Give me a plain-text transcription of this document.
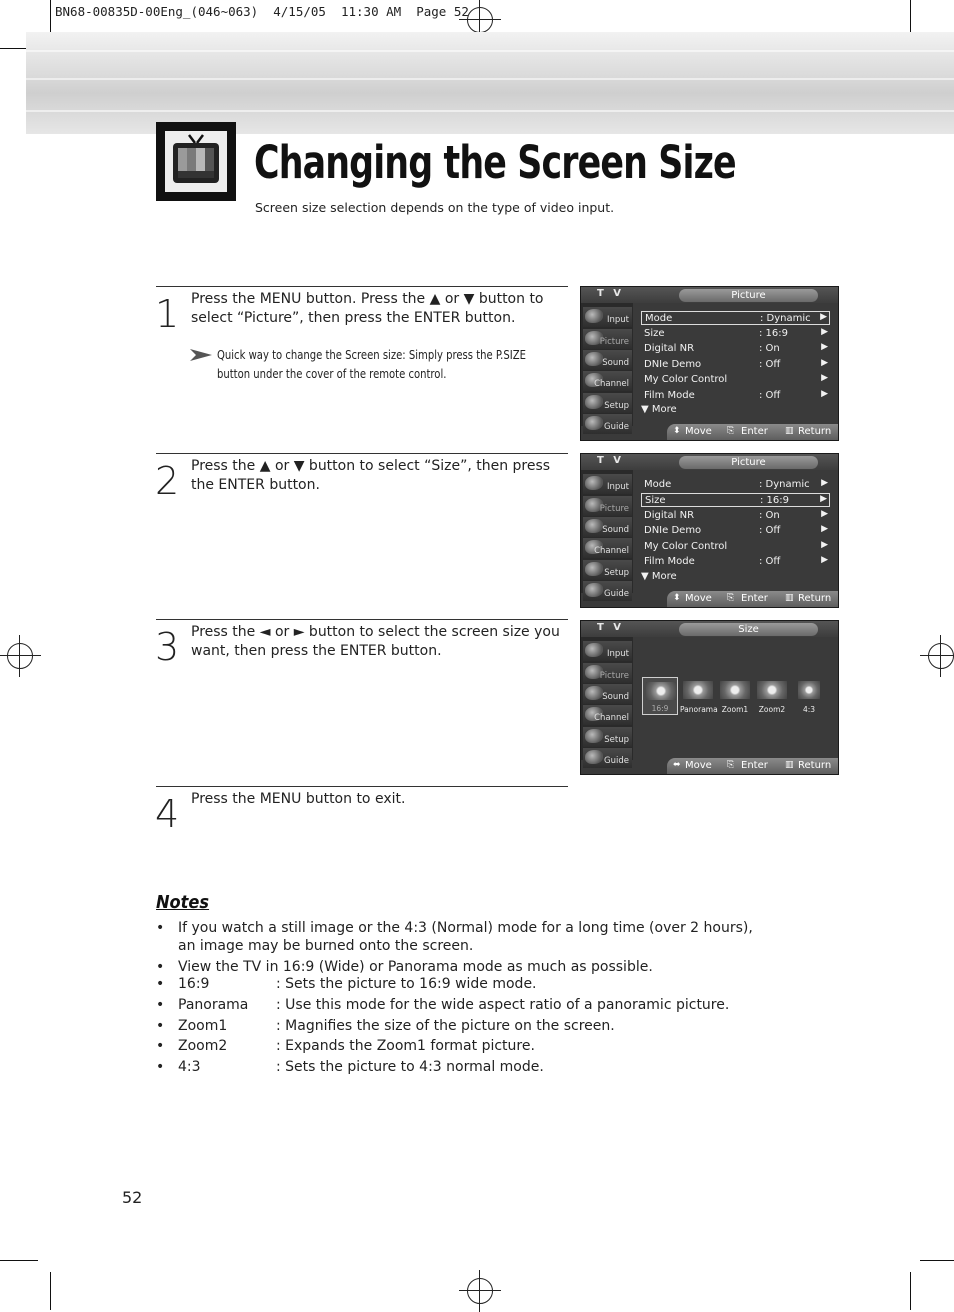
BN68-00835D-00Eng_(046~063)  4/15/05  11:30 AM  Page 52
Changing the Screen Size
Screen size selection depends on the type of video input.
1 Press the MENU button. Press the ▲ or ▼ button to select “Picture”, then press the ENTER button.
Quick way to change the Screen size: Simply press the P.SIZE button under the cover of the remote control.
2 Press the ▲ or ▼ button to select “Size”, then press the ENTER button.
3 Press the ◄ or ► button to select the screen size you want, then press the ENTER button.
4 Press the MENU button to exit.
T V	Picture
Input
Picture
Sound
Channel
Setup
Guide
Mode	: Dynamic ▶
Size	: 16:9	▶
Digital NR	: On	▶
DNIe Demo	: Off	▶
My Color Control	▶
Film Mode	: Off	▶
▼ More
⬍ Move ⎘ Enter ▥ Return
T V	Picture
Input
Picture
Sound
Channel
Setup
Guide
Mode	: Dynamic ▶
Size	: 16:9	▶
Digital NR	: On	▶
DNIe Demo	: Off	▶
My Color Control	▶
Film Mode	: Off	▶
▼ More
⬍ Move ⎘ Enter ▥ Return
T V	Size
Input
Picture
Sound
Channel
Setup
Guide
16:9	Panorama Zoom1	Zoom2	4:3
⬌ Move ⎘ Enter ▥ Return
Notes
• If you watch a still image or the 4:3 (Normal) mode for a long time (over 2 hours),
an image may be burned onto the screen.
• View the TV in 16:9 (Wide) or Panorama mode as much as possible.
• 16:9	: Sets the picture to 16:9 wide mode.
• Panorama : Use this mode for the wide aspect ratio of a panoramic picture.
• Zoom1	: Magnifies the size of the picture on the screen.
• Zoom2	: Expands the Zoom1 format picture.
• 4:3	: Sets the picture to 4:3 normal mode.
52
